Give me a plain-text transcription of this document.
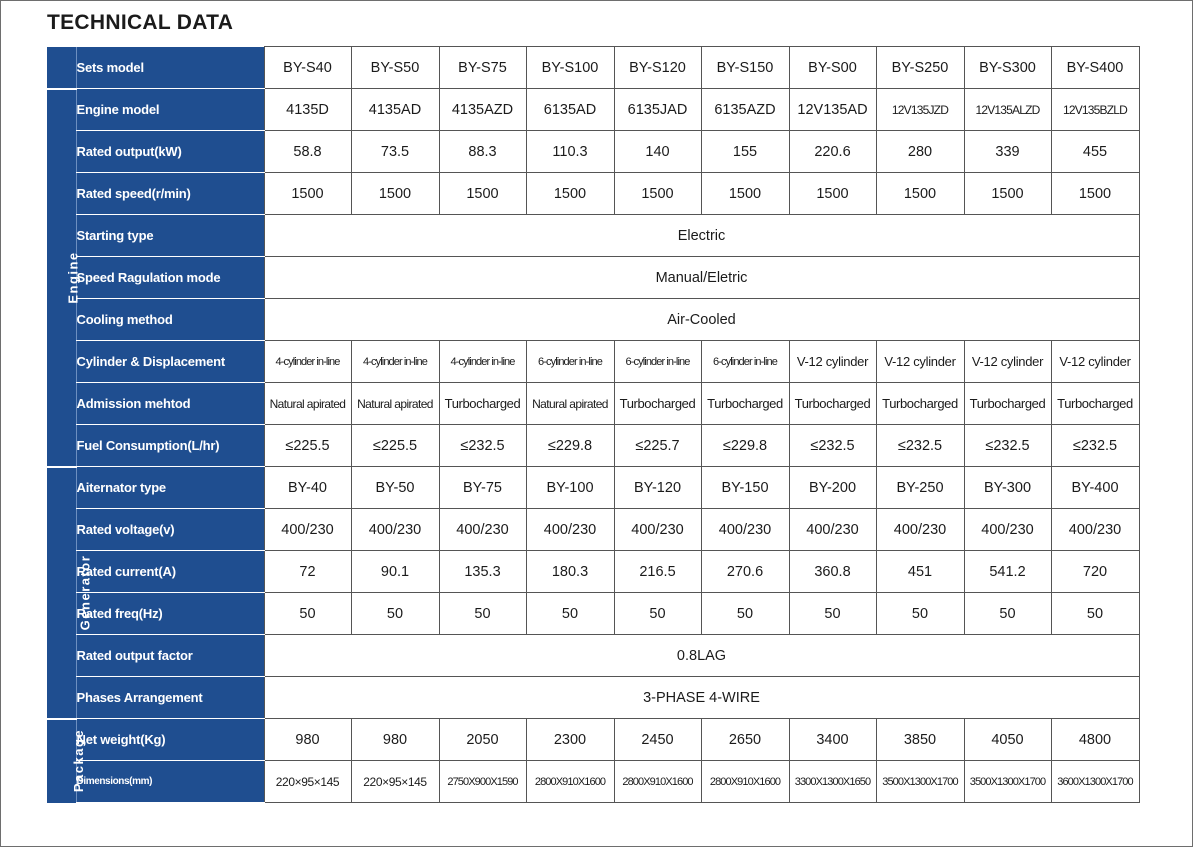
TECHNICAL DATA
	Sets model	BY-S40	BY-S50	BY-S75	BY-S100	BY-S120	BY-S150	BY-S00	BY-S250	BY-S300	BY-S400
Engine	Engine model	4135D	4135AD	4135AZD	6135AD	6135JAD	6135AZD	12V135AD	12V135JZD	12V135ALZD	12V135BZLD
	Rated output(kW)	58.8	73.5	88.3	110.3	140	155	220.6	280	339	455
	Rated speed(r/min)	1500	1500	1500	1500	1500	1500	1500	1500	1500	1500
	Starting type	Electric									
	Speed Ragulation mode	Manual/Eletric									
	Cooling method	Air-Cooled									
	Cylinder & Displacement	4-cylinder in-line	4-cylinder in-line	4-cylinder in-line	6-cylinder in-line	6-cylinder in-line	6-cylinder in-line	V-12 cylinder	V-12 cylinder	V-12 cylinder	V-12 cylinder
	Admission mehtod	Natural apirated	Natural apirated	Turbocharged	Natural apirated	Turbocharged	Turbocharged	Turbocharged	Turbocharged	Turbocharged	Turbocharged
	Fuel Consumption(L/hr)	≤225.5	≤225.5	≤232.5	≤229.8	≤225.7	≤229.8	≤232.5	≤232.5	≤232.5	≤232.5
Generator	Aiternator type	BY-40	BY-50	BY-75	BY-100	BY-120	BY-150	BY-200	BY-250	BY-300	BY-400
	Rated voltage(v)	400/230	400/230	400/230	400/230	400/230	400/230	400/230	400/230	400/230	400/230
	Rated current(A)	72	90.1	135.3	180.3	216.5	270.6	360.8	451	541.2	720
	Rated freq(Hz)	50	50	50	50	50	50	50	50	50	50
	Rated output factor	0.8LAG									
	Phases Arrangement	3-PHASE 4-WIRE									
Package	Net weight(Kg)	980	980	2050	2300	2450	2650	3400	3850	4050	4800
	Dimensions(mm)	220×95×145	220×95×145	2750X900X1590	2800X910X1600	2800X910X1600	2800X910X1600	3300X1300X1650	3500X1300X1700	3500X1300X1700	3600X1300X1700
